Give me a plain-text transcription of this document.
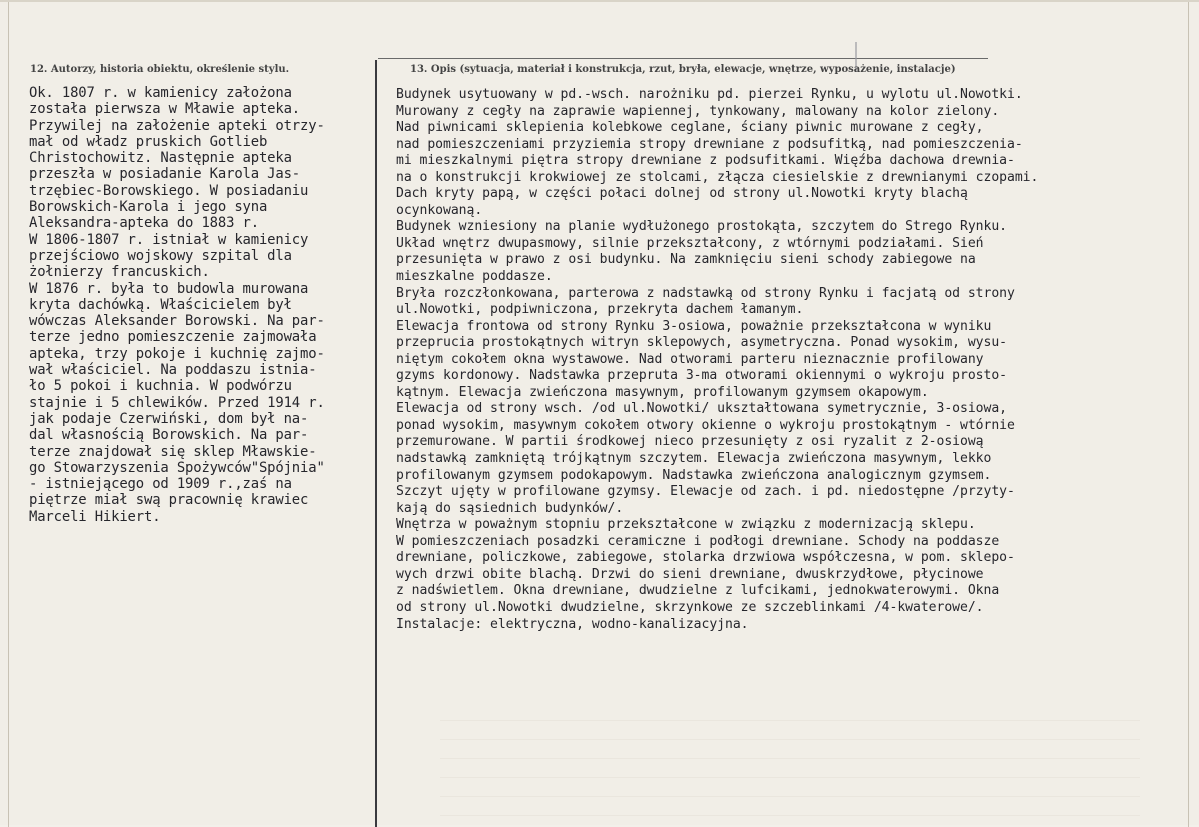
12. Autorzy, historia obiektu, określenie stylu.	13. Opis (sytuacja, materiał i konstrukcja, rzut, bryła, elewacje, wnętrze, wyposażenie, instalacje)
Ok. 1807 r. w kamienicy założona
została pierwsza w Mławie apteka.
Przywilej na założenie apteki otrzy-
mał od władz pruskich Gotlieb
Christochowitz. Następnie apteka
przeszła w posiadanie Karola Jas-
trzębiec-Borowskiego. W posiadaniu
Borowskich-Karola i jego syna
Aleksandra-apteka do 1883 r.
W 1806-1807 r. istniał w kamienicy
przejściowo wojskowy szpital dla
żołnierzy francuskich.
W 1876 r. była to budowla murowana
kryta dachówką. Właścicielem był
wówczas Aleksander Borowski. Na par-
terze jedno pomieszczenie zajmowała
apteka, trzy pokoje i kuchnię zajmo-
wał właściciel. Na poddaszu istnia-
ło 5 pokoi i kuchnia. W podwórzu
stajnie i 5 chlewików. Przed 1914 r.
jak podaje Czerwiński, dom był na-
dal własnością Borowskich. Na par-
terze znajdował się sklep Mławskie-
go Stowarzyszenia Spożywców"Spójnia"
- istniejącego od 1909 r.,zaś na
piętrze miał swą pracownię krawiec
Marceli Hikiert.
Budynek usytuowany w pd.-wsch. narożniku pd. pierzei Rynku, u wylotu ul.Nowotki.
Murowany z cegły na zaprawie wapiennej, tynkowany, malowany na kolor zielony.
Nad piwnicami sklepienia kolebkowe ceglane, ściany piwnic murowane z cegły,
nad pomieszczeniami przyziemia stropy drewniane z podsufitką, nad pomieszczenia-
mi mieszkalnymi piętra stropy drewniane z podsufitkami. Więźba dachowa drewnia-
na o konstrukcji krokwiowej ze stolcami, złącza ciesielskie z drewnianymi czopami.
Dach kryty papą, w części połaci dolnej od strony ul.Nowotki kryty blachą
ocynkowaną.
Budynek wzniesiony na planie wydłużonego prostokąta, szczytem do Strego Rynku.
Układ wnętrz dwupasmowy, silnie przekształcony, z wtórnymi podziałami. Sień
przesunięta w prawo z osi budynku. Na zamknięciu sieni schody zabiegowe na
mieszkalne poddasze.
Bryła rozczłonkowana, parterowa z nadstawką od strony Rynku i facjatą od strony
ul.Nowotki, podpiwniczona, przekryta dachem łamanym.
Elewacja frontowa od strony Rynku 3-osiowa, poważnie przekształcona w wyniku
przeprucia prostokątnych witryn sklepowych, asymetryczna. Ponad wysokim, wysu-
niętym cokołem okna wystawowe. Nad otworami parteru nieznacznie profilowany
gzyms kordonowy. Nadstawka przepruta 3-ma otworami okiennymi o wykroju prosto-
kątnym. Elewacja zwieńczona masywnym, profilowanym gzymsem okapowym.
Elewacja od strony wsch. /od ul.Nowotki/ ukształtowana symetrycznie, 3-osiowa,
ponad wysokim, masywnym cokołem otwory okienne o wykroju prostokątnym - wtórnie
przemurowane. W partii środkowej nieco przesunięty z osi ryzalit z 2-osiową
nadstawką zamkniętą trójkątnym szczytem. Elewacja zwieńczona masywnym, lekko
profilowanym gzymsem podokapowym. Nadstawka zwieńczona analogicznym gzymsem.
Szczyt ujęty w profilowane gzymsy. Elewacje od zach. i pd. niedostępne /przyty-
kają do sąsiednich budynków/.
Wnętrza w poważnym stopniu przekształcone w związku z modernizacją sklepu.
W pomieszczeniach posadzki ceramiczne i podłogi drewniane. Schody na poddasze
drewniane, policzkowe, zabiegowe, stolarka drzwiowa współczesna, w pom. sklepo-
wych drzwi obite blachą. Drzwi do sieni drewniane, dwuskrzydłowe, płycinowe
z nadświetlem. Okna drewniane, dwudzielne z lufcikami, jednokwaterowymi. Okna
od strony ul.Nowotki dwudzielne, skrzynkowe ze szczeblinkami /4-kwaterowe/.
Instalacje: elektryczna, wodno-kanalizacyjna.
